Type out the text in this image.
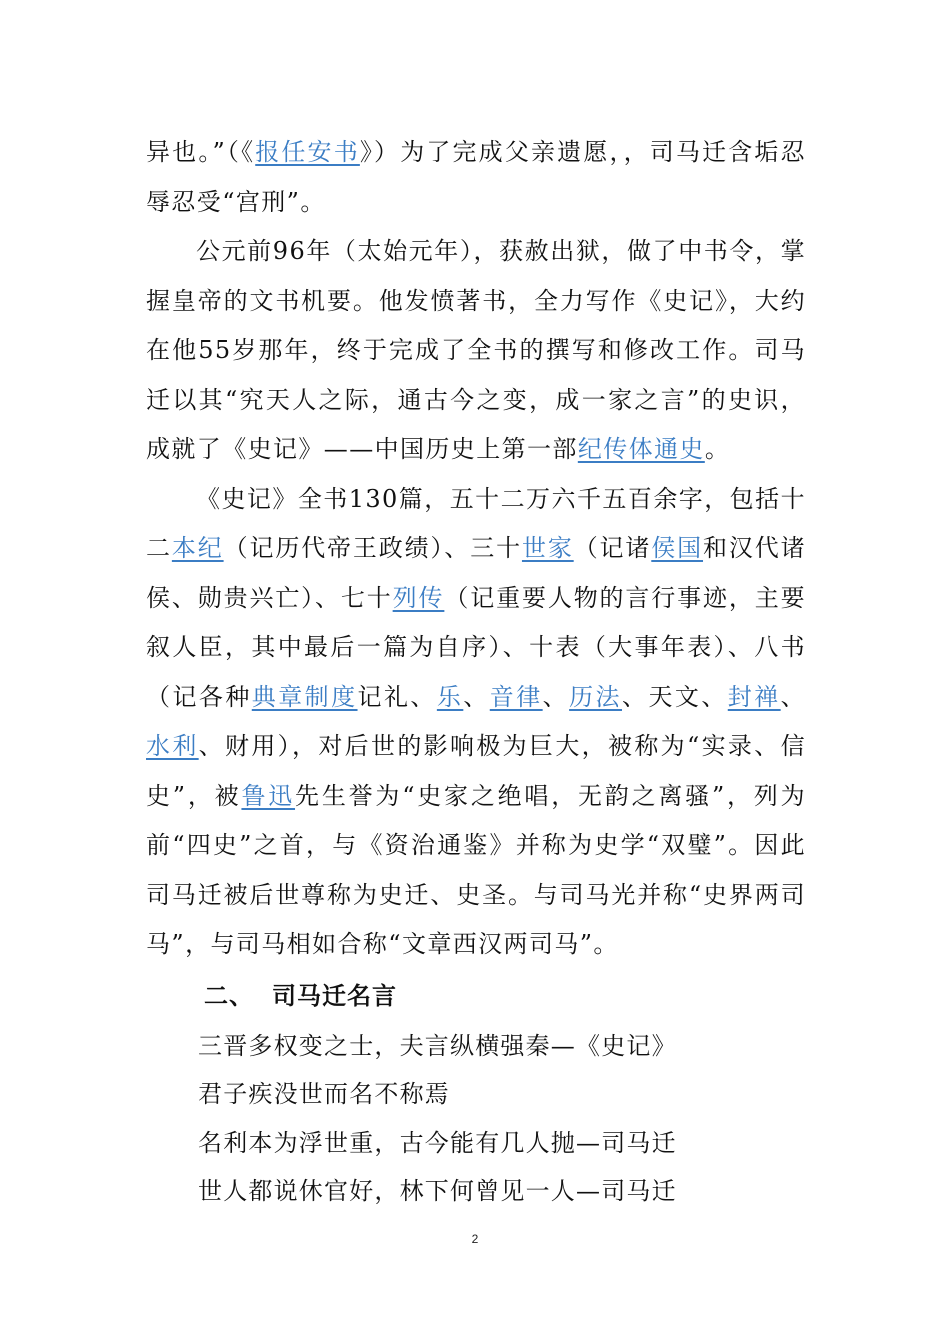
异也。”（《报任安书》）为了完成父亲遗愿，，司马迁含垢忍辱忍受“宫刑”。

公元前96年（太始元年），获赦出狱，做了中书令，掌握皇帝的文书机要。他发愤著书，全力写作《史记》，大约在他55岁那年，终于完成了全书的撰写和修改工作。司马迁以其“究天人之际，通古今之变，成一家之言”的史识，成就了《史记》——中国历史上第一部纪传体通史。

《史记》全书130篇，五十二万六千五百余字，包括十二本纪（记历代帝王政绩）、三十世家（记诸侯国和汉代诸侯、勋贵兴亡）、七十列传（记重要人物的言行事迹，主要叙人臣，其中最后一篇为自序）、十表（大事年表）、八书（记各种典章制度记礼、乐、音律、历法、天文、封禅、水利、财用），对后世的影响极为巨大，被称为“实录、信史”，被鲁迅先生誉为“史家之绝唱，无韵之离骚”，列为前“四史”之首，与《资治通鉴》并称为史学“双璧”。因此司马迁被后世尊称为史迁、史圣。与司马光并称“史界两司马”，与司马相如合称“文章西汉两司马”。

二、 司马迁名言

三晋多权变之士，夫言纵横强秦—《史记》

君子疾没世而名不称焉

名利本为浮世重，古今能有几人抛—司马迁

世人都说休官好，林下何曾见一人—司马迁

2
